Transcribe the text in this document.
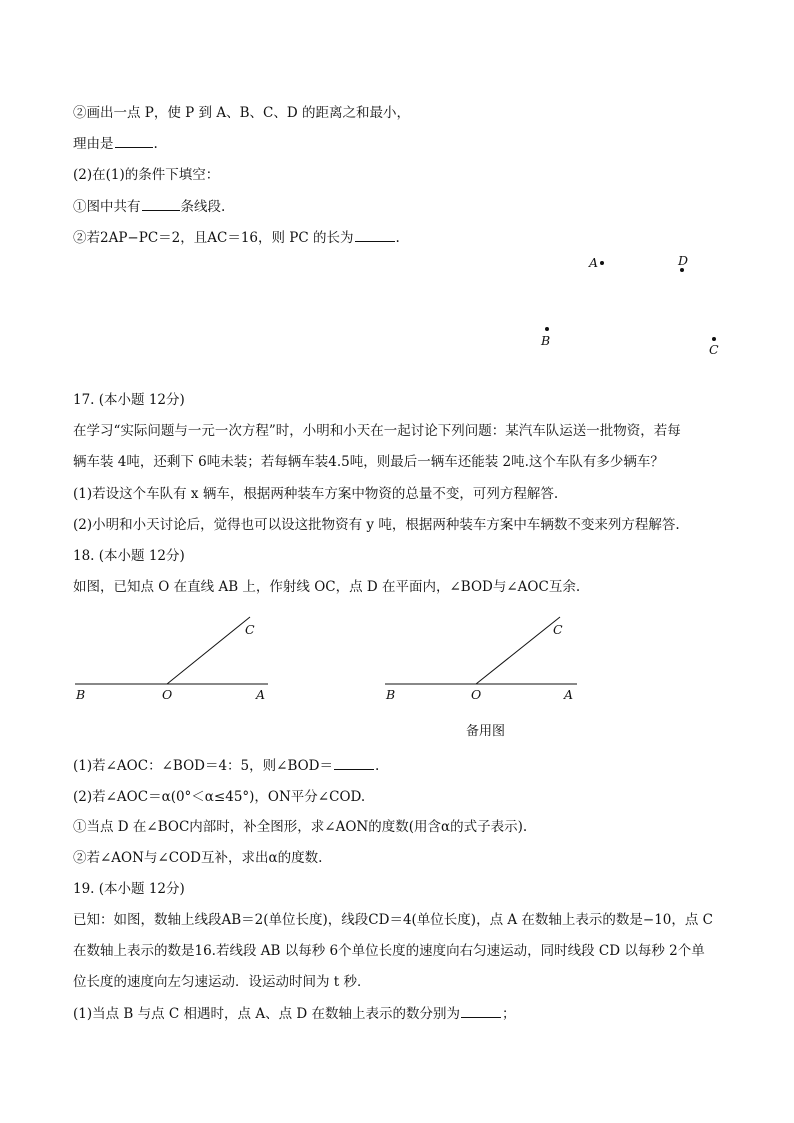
②画出一点 P，使 P 到 A、B、C、D 的距离之和最小，
理由是	.
(2)在(1)的条件下填空：
①图中共有	条线段.
②若2AP−PC＝2，且AC＝16，则 PC 的长为	.
A	D
B
C
17. (本小题 12分)
在学习“实际问题与一元一次方程”时，小明和小天在一起讨论下列问题：某汽车队运送一批物资，若每
辆车装 4吨，还剩下 6吨未装；若每辆车装4.5吨，则最后一辆车还能装 2吨.这个车队有多少辆车？
(1)若设这个车队有 x 辆车，根据两种装车方案中物资的总量不变，可列方程解答.
(2)小明和小天讨论后，觉得也可以设这批物资有 y 吨，根据两种装车方案中车辆数不变来列方程解答.
18. (本小题 12分)
如图，已知点 O 在直线 AB 上，作射线 OC，点 D 在平面内，∠BOD与∠AOC互余.
B	O	A
C
B	O	A
C
备用图
(1)若∠AOC：∠BOD＝4：5，则∠BOD＝	.
(2)若∠AOC＝α(0°＜α≤45°)，ON平分∠COD.
①当点 D 在∠BOC内部时，补全图形，求∠AON的度数(用含α的式子表示).
②若∠AON与∠COD互补，求出α的度数.
19. (本小题 12分)
已知：如图，数轴上线段AB＝2(单位长度)，线段CD＝4(单位长度)，点 A 在数轴上表示的数是−10，点 C
在数轴上表示的数是16.若线段 AB 以每秒 6个单位长度的速度向右匀速运动，同时线段 CD 以每秒 2个单
位长度的速度向左匀速运动．设运动时间为 t 秒．
(1)当点 B 与点 C 相遇时，点 A、点 D 在数轴上表示的数分别为	；
